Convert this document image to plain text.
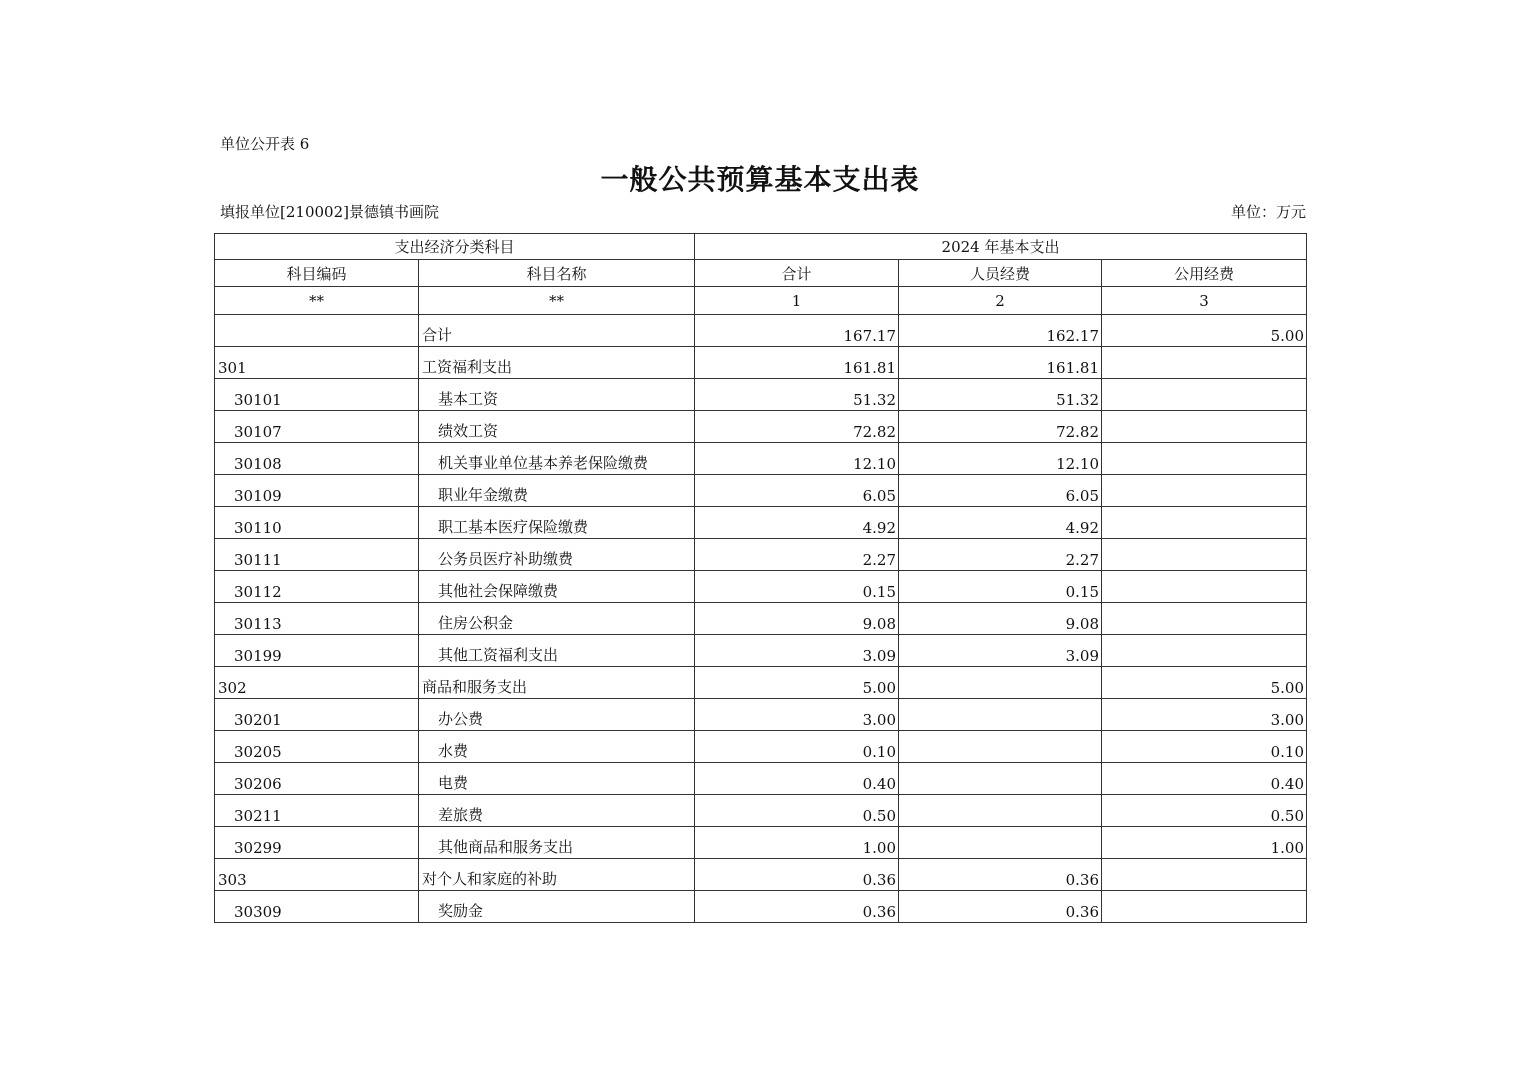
单位公开表 6
一般公共预算基本支出表
填报单位[210002]景德镇书画院	单位：万元
支出经济分类科目		2024 年基本支出		
科目编码	科目名称	合计	人员经费	公用经费
**	**	1	2	3
	合计	167.17	162.17	5.00
301	工资福利支出	161.81	161.81	
30101	基本工资	51.32	51.32	
30107	绩效工资	72.82	72.82	
30108	机关事业单位基本养老保险缴费	12.10	12.10	
30109	职业年金缴费	6.05	6.05	
30110	职工基本医疗保险缴费	4.92	4.92	
30111	公务员医疗补助缴费	2.27	2.27	
30112	其他社会保障缴费	0.15	0.15	
30113	住房公积金	9.08	9.08	
30199	其他工资福利支出	3.09	3.09	
302	商品和服务支出	5.00		5.00
30201	办公费	3.00		3.00
30205	水费	0.10		0.10
30206	电费	0.40		0.40
30211	差旅费	0.50		0.50
30299	其他商品和服务支出	1.00		1.00
303	对个人和家庭的补助	0.36	0.36	
30309	奖励金	0.36	0.36	
